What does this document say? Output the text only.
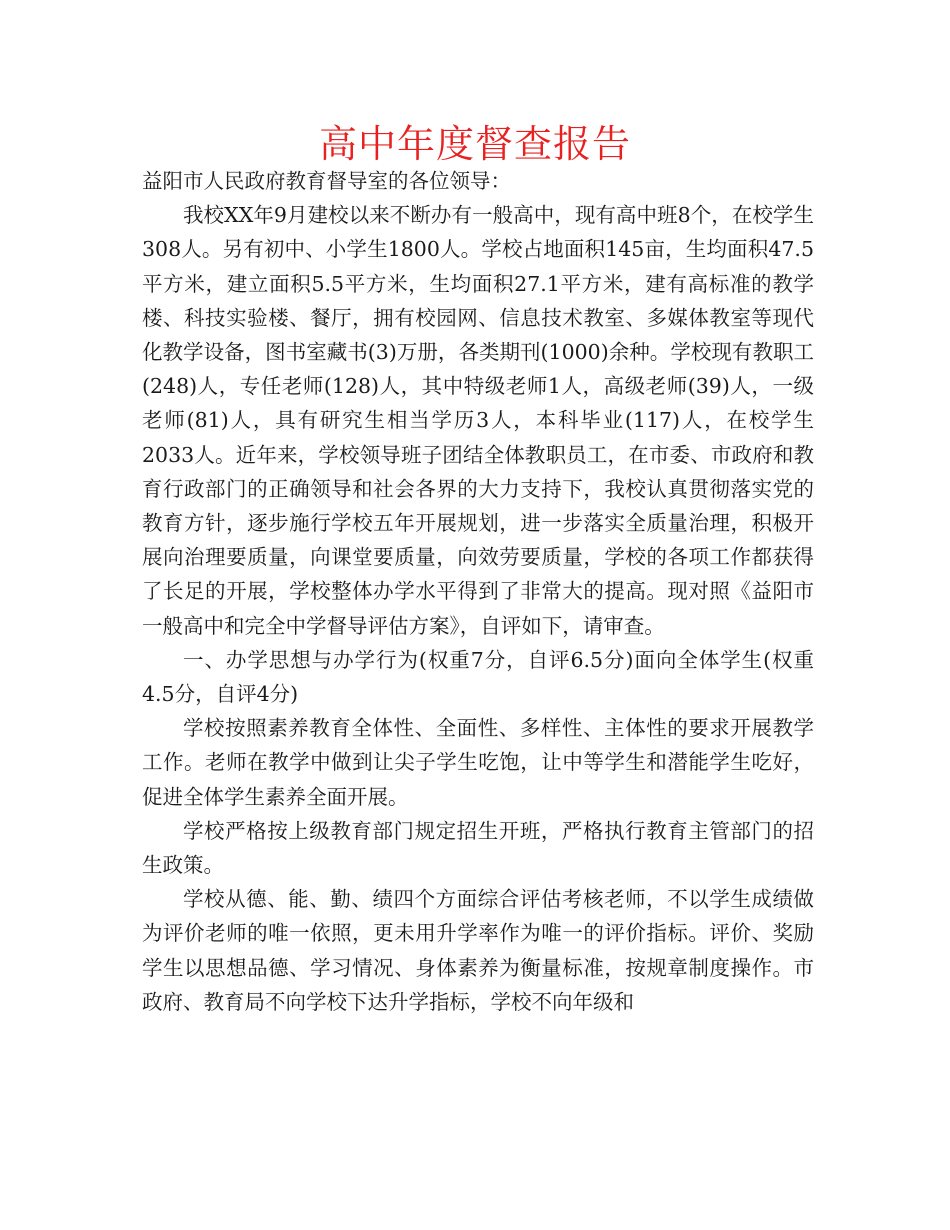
高中年度督查报告

益阳市人民政府教育督导室的各位领导：

我校XX年9月建校以来不断办有一般高中，现有高中班8个，在校学生308人。另有初中、小学生1800人。学校占地面积145亩，生均面积47.5平方米，建立面积5.5平方米，生均面积27.1平方米，建有高标准的教学楼、科技实验楼、餐厅，拥有校园网、信息技术教室、多媒体教室等现代化教学设备，图书室藏书(3)万册，各类期刊(1000)余种。学校现有教职工(248)人，专任老师(128)人，其中特级老师1人，高级老师(39)人，一级老师(81)人，具有研究生相当学历3人，本科毕业(117)人，在校学生2033人。近年来，学校领导班子团结全体教职员工，在市委、市政府和教育行政部门的正确领导和社会各界的大力支持下，我校认真贯彻落实党的教育方针，逐步施行学校五年开展规划，进一步落实全质量治理，积极开展向治理要质量，向课堂要质量，向效劳要质量，学校的各项工作都获得了长足的开展，学校整体办学水平得到了非常大的提高。现对照《益阳市一般高中和完全中学督导评估方案》，自评如下，请审查。

一、办学思想与办学行为(权重7分，自评6.5分)面向全体学生(权重4.5分，自评4分)

学校按照素养教育全体性、全面性、多样性、主体性的要求开展教学工作。老师在教学中做到让尖子学生吃饱，让中等学生和潜能学生吃好，促进全体学生素养全面开展。

学校严格按上级教育部门规定招生开班，严格执行教育主管部门的招生政策。

学校从德、能、勤、绩四个方面综合评估考核老师，不以学生成绩做为评价老师的唯一依照，更未用升学率作为唯一的评价指标。评价、奖励学生以思想品德、学习情况、身体素养为衡量标准，按规章制度操作。市政府、教育局不向学校下达升学指标，学校不向年级和
